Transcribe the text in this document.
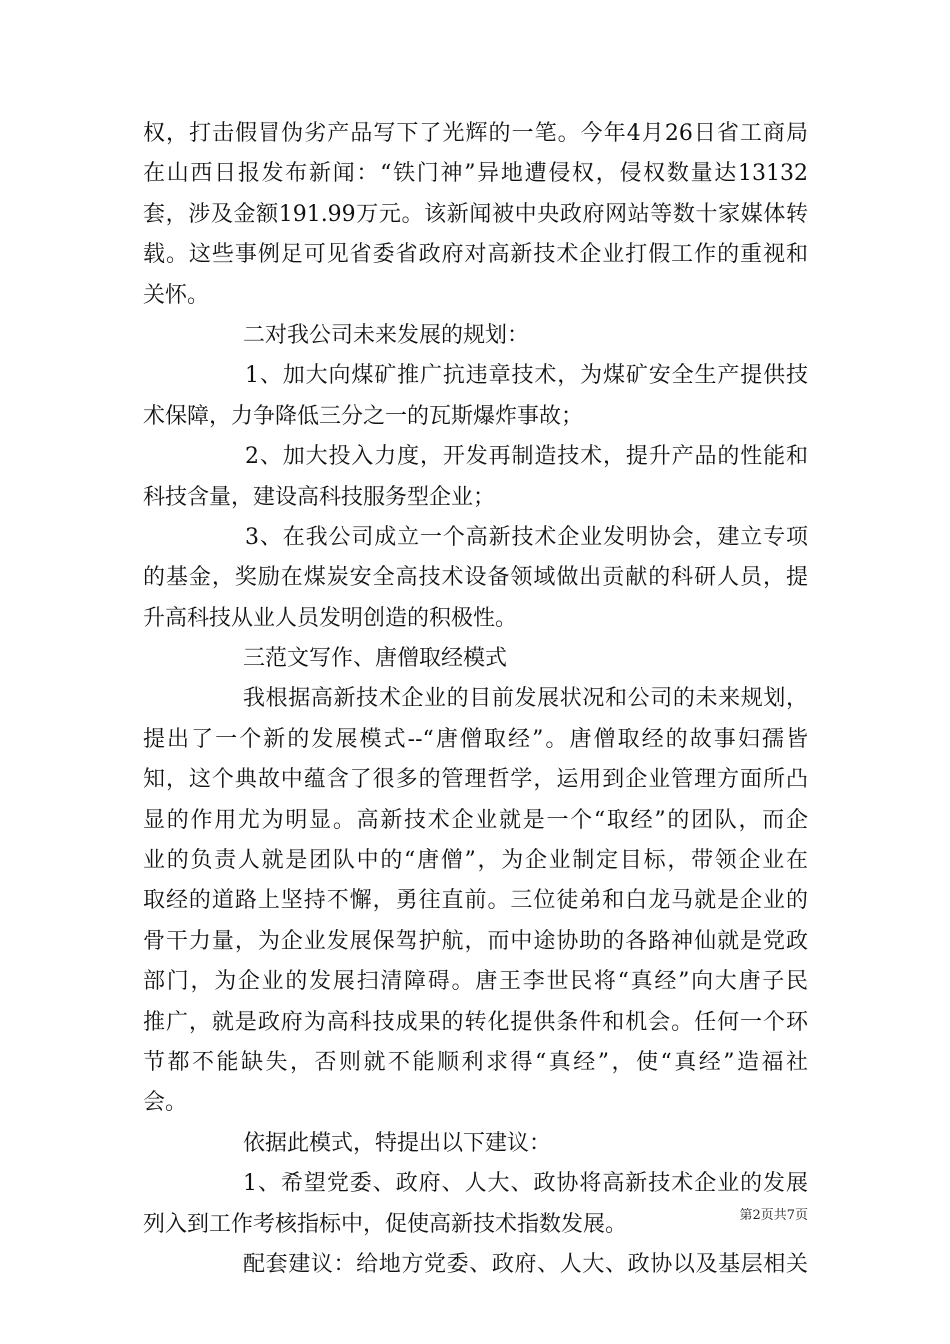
权，打击假冒伪劣产品写下了光辉的一笔。今年4月26日省工商局
在山西日报发布新闻：“铁门神”异地遭侵权，侵权数量达13132
套，涉及金额191.99万元。该新闻被中央政府网站等数十家媒体转
载。这些事例足可见省委省政府对高新技术企业打假工作的重视和
关怀。
二对我公司未来发展的规划：
1、加大向煤矿推广抗违章技术，为煤矿安全生产提供技
术保障，力争降低三分之一的瓦斯爆炸事故；
2、加大投入力度，开发再制造技术，提升产品的性能和
科技含量，建设高科技服务型企业；
3、在我公司成立一个高新技术企业发明协会，建立专项
的基金，奖励在煤炭安全高技术设备领域做出贡献的科研人员，提
升高科技从业人员发明创造的积极性。
三范文写作、唐僧取经模式
我根据高新技术企业的目前发展状况和公司的未来规划，
提出了一个新的发展模式--“唐僧取经”。唐僧取经的故事妇孺皆
知，这个典故中蕴含了很多的管理哲学，运用到企业管理方面所凸
显的作用尤为明显。高新技术企业就是一个“取经”的团队，而企
业的负责人就是团队中的“唐僧”，为企业制定目标，带领企业在
取经的道路上坚持不懈，勇往直前。三位徒弟和白龙马就是企业的
骨干力量，为企业发展保驾护航，而中途协助的各路神仙就是党政
部门，为企业的发展扫清障碍。唐王李世民将“真经”向大唐子民
推广，就是政府为高科技成果的转化提供条件和机会。任何一个环
节都不能缺失，否则就不能顺利求得“真经”，使“真经”造福社
会。
依据此模式，特提出以下建议：
1、希望党委、政府、人大、政协将高新技术企业的发展
列入到工作考核指标中，促使高新技术指数发展。
配套建议：给地方党委、政府、人大、政协以及基层相关
第2页共7页
